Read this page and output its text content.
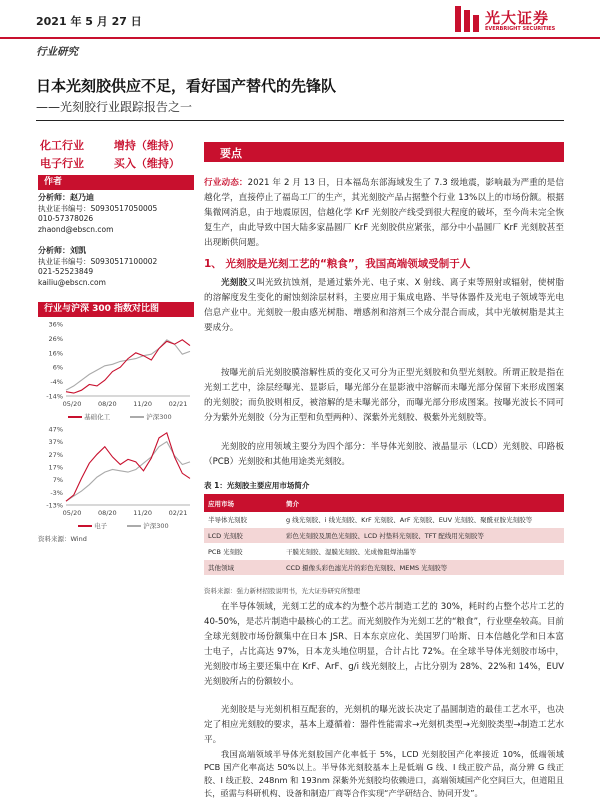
2021 年 5 月 27 日	光大证券
EVERBRIGHT SECURITIES
行业研究
日本光刻胶供应不足，看好国产替代的先锋队
——光刻胶行业跟踪报告之一
化工行业	增持（维持）
电子行业	买入（维持）
作者
分析师：赵乃迪
执业证书编号：S0930517050005
010-57378026
zhaond@ebscn.com
分析师：刘凯
执业证书编号：S0930517100002
021-52523849
kailiu@ebscn.com
行业与沪深 300 指数对比图
36%
26%
16%
6%
-4%
-14%
05/20	08/20	11/20	02/21
基础化工	沪深300
47%
37%
27%
17%
7%
-3%
-13%
05/20	08/20	11/20	02/21
电子	沪深300
资料来源：Wind
要点

行业动态：2021 年 2 月 13 日，日本福岛东部海域发生了 7.3 级地震，影响最为严重的是信越化学，直接停止了福岛工厂的生产，其光刻胶产品占据整个行业 13%以上的市场份额。根据集微网消息，由于地震原因，信越化学 KrF 光刻胶产线受到很大程度的破坏，至今尚未完全恢复生产，由此导致中国大陆多家晶圆厂 KrF 光刻胶供应紧张，部分中小晶圆厂 KrF 光刻胶甚至出现断供问题。

1、 光刻胶是光刻工艺的“粮食”，我国高端领域受制于人

光刻胶又叫光致抗蚀剂，是通过紫外光、电子束、X 射线、离子束等照射或辐射，使树脂的溶解度发生变化的耐蚀刻涂层材料，主要应用于集成电路、半导体器件及光电子领域等光电信息产业中。光刻胶一般由感光树脂、增感剂和溶剂三个成分混合而成，其中光敏树脂是其主要成分。

按曝光前后光刻胶膜溶解性质的变化又可分为正型光刻胶和负型光刻胶。所谓正胶是指在光刻工艺中，涂层经曝光、显影后，曝光部分在显影液中溶解而未曝光部分保留下来形成图案的光刻胶；而负胶则相反，被溶解的是未曝光部分，而曝光部分形成图案。按曝光波长不同可分为紫外光刻胶（分为正型和负型两种）、深紫外光刻胶、极紫外光刻胶等。

光刻胶的应用领域主要分为四个部分：半导体光刻胶、液晶显示（LCD）光刻胶、印路板（PCB）光刻胶和其他用途类光刻胶。

表 1：光刻胶主要应用市场简介
应用市场	简介
半导体光刻胶	g 线光刻胶、i 线光刻胶、KrF 光刻胶、ArF 光刻胶、EUV 光刻胶、聚酰亚胺光刻胶等
LCD 光刻胶	彩色光刻胶及黑色光刻胶、LCD 衬垫料光刻胶、TFT 配线用光刻胶等
PCB 光刻胶	干膜光刻胶、湿膜光刻胶、光成像阻焊油墨等
其他领域	CCD 摄像头彩色滤光片的彩色光刻胶、MEMS 光刻胶等
资料来源：强力新材招股说明书，光大证券研究所整理

在半导体领域，光刻工艺的成本约为整个芯片制造工艺的 30%，耗时约占整个芯片工艺的 40-50%，是芯片制造中最核心的工艺。而光刻胶作为光刻工艺的“粮食”，行业壁垒较高。目前全球光刻胶市场份额集中在日本 JSR、日本东京应化、美国罗门哈斯、日本信越化学和日本富士电子，占比高达 97%，日本龙头地位明显，合计占比 72%。在全球半导体光刻胶市场中，光刻胶市场主要还集中在 KrF、ArF、g/i 线光刻胶上，占比分别为 28%、22%和 14%，EUV 光刻胶所占的份额较小。

光刻胶是与光刻机相互配套的，光刻机的曝光波长决定了晶圆制造的最佳工艺水平，也决定了相应光刻胶的要求，基本上遵循着：器件性能需求→光刻机类型→光刻胶类型→制造工艺水平。

我国高端领域半导体光刻胶国产化率低于 5%，LCD 光刻胶国产化率接近 10%，低端领域 PCB 国产化率高达 50%以上。半导体光刻胶基本上是低端 G 线、I 线正胶产品，高分辨 G 线正胶、I 线正胶、248nm 和 193nm 深紫外光刻胶均依赖进口，高端领域国产化空间巨大，但道阻且长，亟需与科研机构、设备和制造厂商等合作实现“产学研结合、协同开发”。
